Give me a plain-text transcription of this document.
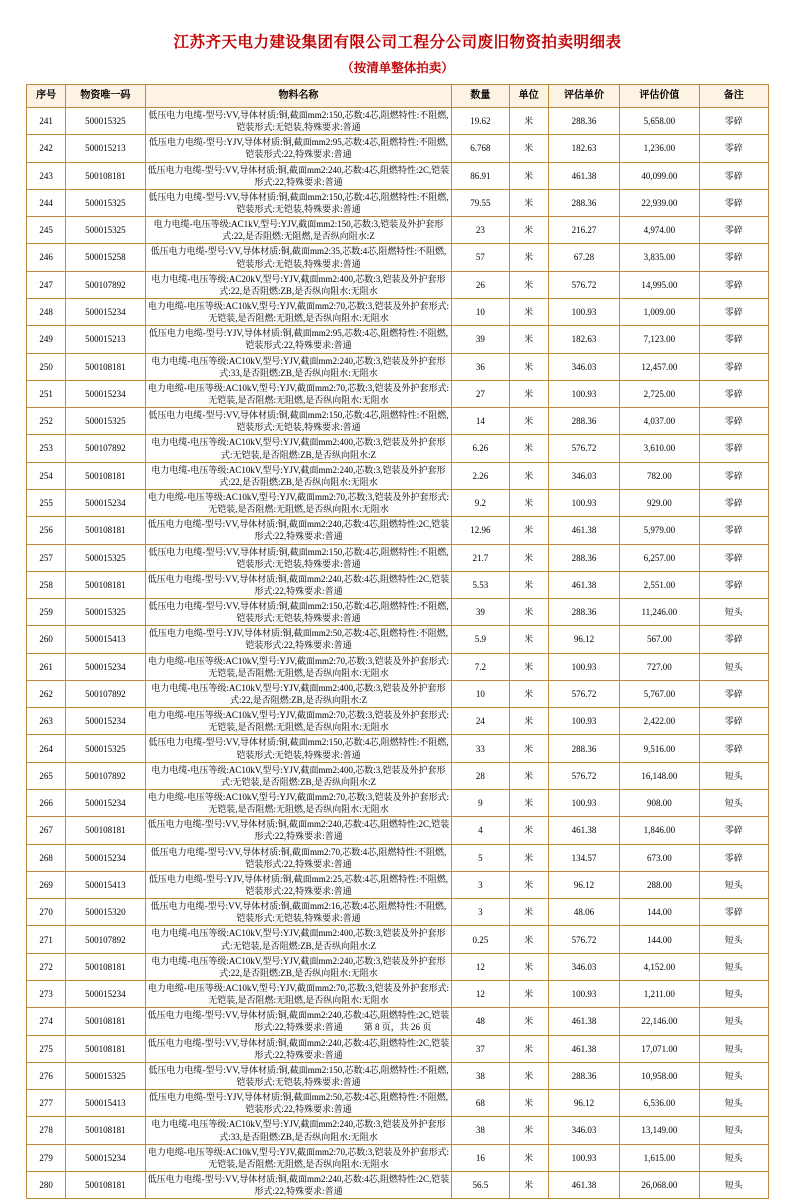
江苏齐天电力建设集团有限公司工程分公司废旧物资拍卖明细表
（按清单整体拍卖）
序号	物资唯一码	物料名称	数量	单位	评估单价	评估价值	备注
241	500015325	低压电力电缆-型号:VV,导体材质:铜,截面mm2:150,芯数:4芯,阻燃特性:不阻燃,铠装形式:无铠装,特殊要求:普通	19.62	米	288.36	5,658.00	零碎
242	500015213	低压电力电缆-型号:YJV,导体材质:铜,截面mm2:95,芯数:4芯,阻燃特性:不阻燃,铠装形式:22,特殊要求:普通	6.768	米	182.63	1,236.00	零碎
243	500108181	低压电力电缆-型号:VV,导体材质:铜,截面mm2:240,芯数:4芯,阻燃特性:2C,铠装形式:22,特殊要求:普通	86.91	米	461.38	40,099.00	零碎
244	500015325	低压电力电缆-型号:VV,导体材质:铜,截面mm2:150,芯数:4芯,阻燃特性:不阻燃,铠装形式:无铠装,特殊要求:普通	79.55	米	288.36	22,939.00	零碎
245	500015325	电力电缆-电压等级:AC1kV,型号:YJV,截面mm2:150,芯数:3,铠装及外护套形式:22,是否阻燃:无阻燃,是否纵向阻水:Z	23	米	216.27	4,974.00	零碎
246	500015258	低压电力电缆-型号:VV,导体材质:铜,截面mm2:35,芯数:4芯,阻燃特性:不阻燃,铠装形式:无铠装,特殊要求:普通	57	米	67.28	3,835.00	零碎
247	500107892	电力电缆-电压等级:AC20kV,型号:YJV,截面mm2:400,芯数:3,铠装及外护套形式:22,是否阻燃:ZB,是否纵向阻水:无阻水	26	米	576.72	14,995.00	零碎
248	500015234	电力电缆-电压等级:AC10kV,型号:YJV,截面mm2:70,芯数:3,铠装及外护套形式:无铠装,是否阻燃:无阻燃,是否纵向阻水:无阻水	10	米	100.93	1,009.00	零碎
249	500015213	低压电力电缆-型号:YJV,导体材质:铜,截面mm2:95,芯数:4芯,阻燃特性:不阻燃,铠装形式:22,特殊要求:普通	39	米	182.63	7,123.00	零碎
250	500108181	电力电缆-电压等级:AC10kV,型号:YJV,截面mm2:240,芯数:3,铠装及外护套形式:33,是否阻燃:ZB,是否纵向阻水:无阻水	36	米	346.03	12,457.00	零碎
251	500015234	电力电缆-电压等级:AC10kV,型号:YJV,截面mm2:70,芯数:3,铠装及外护套形式:无铠装,是否阻燃:无阻燃,是否纵向阻水:无阻水	27	米	100.93	2,725.00	零碎
252	500015325	低压电力电缆-型号:VV,导体材质:铜,截面mm2:150,芯数:4芯,阻燃特性:不阻燃,铠装形式:无铠装,特殊要求:普通	14	米	288.36	4,037.00	零碎
253	500107892	电力电缆-电压等级:AC10kV,型号:YJV,截面mm2:400,芯数:3,铠装及外护套形式:无铠装,是否阻燃:ZB,是否纵向阻水:Z	6.26	米	576.72	3,610.00	零碎
254	500108181	电力电缆-电压等级:AC10kV,型号:YJV,截面mm2:240,芯数:3,铠装及外护套形式:22,是否阻燃:ZB,是否纵向阻水:无阻水	2.26	米	346.03	782.00	零碎
255	500015234	电力电缆-电压等级:AC10kV,型号:YJV,截面mm2:70,芯数:3,铠装及外护套形式:无铠装,是否阻燃:无阻燃,是否纵向阻水:无阻水	9.2	米	100.93	929.00	零碎
256	500108181	低压电力电缆-型号:VV,导体材质:铜,截面mm2:240,芯数:4芯,阻燃特性:2C,铠装形式:22,特殊要求:普通	12.96	米	461.38	5,979.00	零碎
257	500015325	低压电力电缆-型号:VV,导体材质:铜,截面mm2:150,芯数:4芯,阻燃特性:不阻燃,铠装形式:无铠装,特殊要求:普通	21.7	米	288.36	6,257.00	零碎
258	500108181	低压电力电缆-型号:VV,导体材质:铜,截面mm2:240,芯数:4芯,阻燃特性:2C,铠装形式:22,特殊要求:普通	5.53	米	461.38	2,551.00	零碎
259	500015325	低压电力电缆-型号:VV,导体材质:铜,截面mm2:150,芯数:4芯,阻燃特性:不阻燃,铠装形式:无铠装,特殊要求:普通	39	米	288.36	11,246.00	短头
260	500015413	低压电力电缆-型号:YJV,导体材质:铜,截面mm2:50,芯数:4芯,阻燃特性:不阻燃,铠装形式:22,特殊要求:普通	5.9	米	96.12	567.00	零碎
261	500015234	电力电缆-电压等级:AC10kV,型号:YJV,截面mm2:70,芯数:3,铠装及外护套形式:无铠装,是否阻燃:无阻燃,是否纵向阻水:无阻水	7.2	米	100.93	727.00	短头
262	500107892	电力电缆-电压等级:AC10kV,型号:YJV,截面mm2:400,芯数:3,铠装及外护套形式:22,是否阻燃:ZB,是否纵向阻水:Z	10	米	576.72	5,767.00	零碎
263	500015234	电力电缆-电压等级:AC10kV,型号:YJV,截面mm2:70,芯数:3,铠装及外护套形式:无铠装,是否阻燃:无阻燃,是否纵向阻水:无阻水	24	米	100.93	2,422.00	零碎
264	500015325	低压电力电缆-型号:VV,导体材质:铜,截面mm2:150,芯数:4芯,阻燃特性:不阻燃,铠装形式:无铠装,特殊要求:普通	33	米	288.36	9,516.00	零碎
265	500107892	电力电缆-电压等级:AC10kV,型号:YJV,截面mm2:400,芯数:3,铠装及外护套形式:无铠装,是否阻燃:ZB,是否纵向阻水:Z	28	米	576.72	16,148.00	短头
266	500015234	电力电缆-电压等级:AC10kV,型号:YJV,截面mm2:70,芯数:3,铠装及外护套形式:无铠装,是否阻燃:无阻燃,是否纵向阻水:无阻水	9	米	100.93	908.00	短头
267	500108181	低压电力电缆-型号:VV,导体材质:铜,截面mm2:240,芯数:4芯,阻燃特性:2C,铠装形式:22,特殊要求:普通	4	米	461.38	1,846.00	零碎
268	500015234	低压电力电缆-型号:VV,导体材质:铜,截面mm2:70,芯数:4芯,阻燃特性:不阻燃,铠装形式:22,特殊要求:普通	5	米	134.57	673.00	零碎
269	500015413	低压电力电缆-型号:YJV,导体材质:铜,截面mm2:25,芯数:4芯,阻燃特性:不阻燃,铠装形式:22,特殊要求:普通	3	米	96.12	288.00	短头
270	500015320	低压电力电缆-型号:VV,导体材质:铜,截面mm2:16,芯数:4芯,阻燃特性:不阻燃,铠装形式:无铠装,特殊要求:普通	3	米	48.06	144.00	零碎
271	500107892	电力电缆-电压等级:AC10kV,型号:YJV,截面mm2:400,芯数:3,铠装及外护套形式:无铠装,是否阻燃:ZB,是否纵向阻水:Z	0.25	米	576.72	144.00	短头
272	500108181	电力电缆-电压等级:AC10kV,型号:YJV,截面mm2:240,芯数:3,铠装及外护套形式:22,是否阻燃:ZB,是否纵向阻水:无阻水	12	米	346.03	4,152.00	短头
273	500015234	电力电缆-电压等级:AC10kV,型号:YJV,截面mm2:70,芯数:3,铠装及外护套形式:无铠装,是否阻燃:无阻燃,是否纵向阻水:无阻水	12	米	100.93	1,211.00	短头
274	500108181	低压电力电缆-型号:VV,导体材质:铜,截面mm2:240,芯数:4芯,阻燃特性:2C,铠装形式:22,特殊要求:普通	48	米	461.38	22,146.00	短头
275	500108181	低压电力电缆-型号:VV,导体材质:铜,截面mm2:240,芯数:4芯,阻燃特性:2C,铠装形式:22,特殊要求:普通	37	米	461.38	17,071.00	短头
276	500015325	低压电力电缆-型号:VV,导体材质:铜,截面mm2:150,芯数:4芯,阻燃特性:不阻燃,铠装形式:无铠装,特殊要求:普通	38	米	288.36	10,958.00	短头
277	500015413	低压电力电缆-型号:YJV,导体材质:铜,截面mm2:50,芯数:4芯,阻燃特性:不阻燃,铠装形式:22,特殊要求:普通	68	米	96.12	6,536.00	短头
278	500108181	电力电缆-电压等级:AC10kV,型号:YJV,截面mm2:240,芯数:3,铠装及外护套形式:33,是否阻燃:ZB,是否纵向阻水:无阻水	38	米	346.03	13,149.00	短头
279	500015234	电力电缆-电压等级:AC10kV,型号:YJV,截面mm2:70,芯数:3,铠装及外护套形式:无铠装,是否阻燃:无阻燃,是否纵向阻水:无阻水	16	米	100.93	1,615.00	短头
280	500108181	低压电力电缆-型号:VV,导体材质:铜,截面mm2:240,芯数:4芯,阻燃特性:2C,铠装形式:22,特殊要求:普通	56.5	米	461.38	26,068.00	短头
第 8 页，共 26 页
